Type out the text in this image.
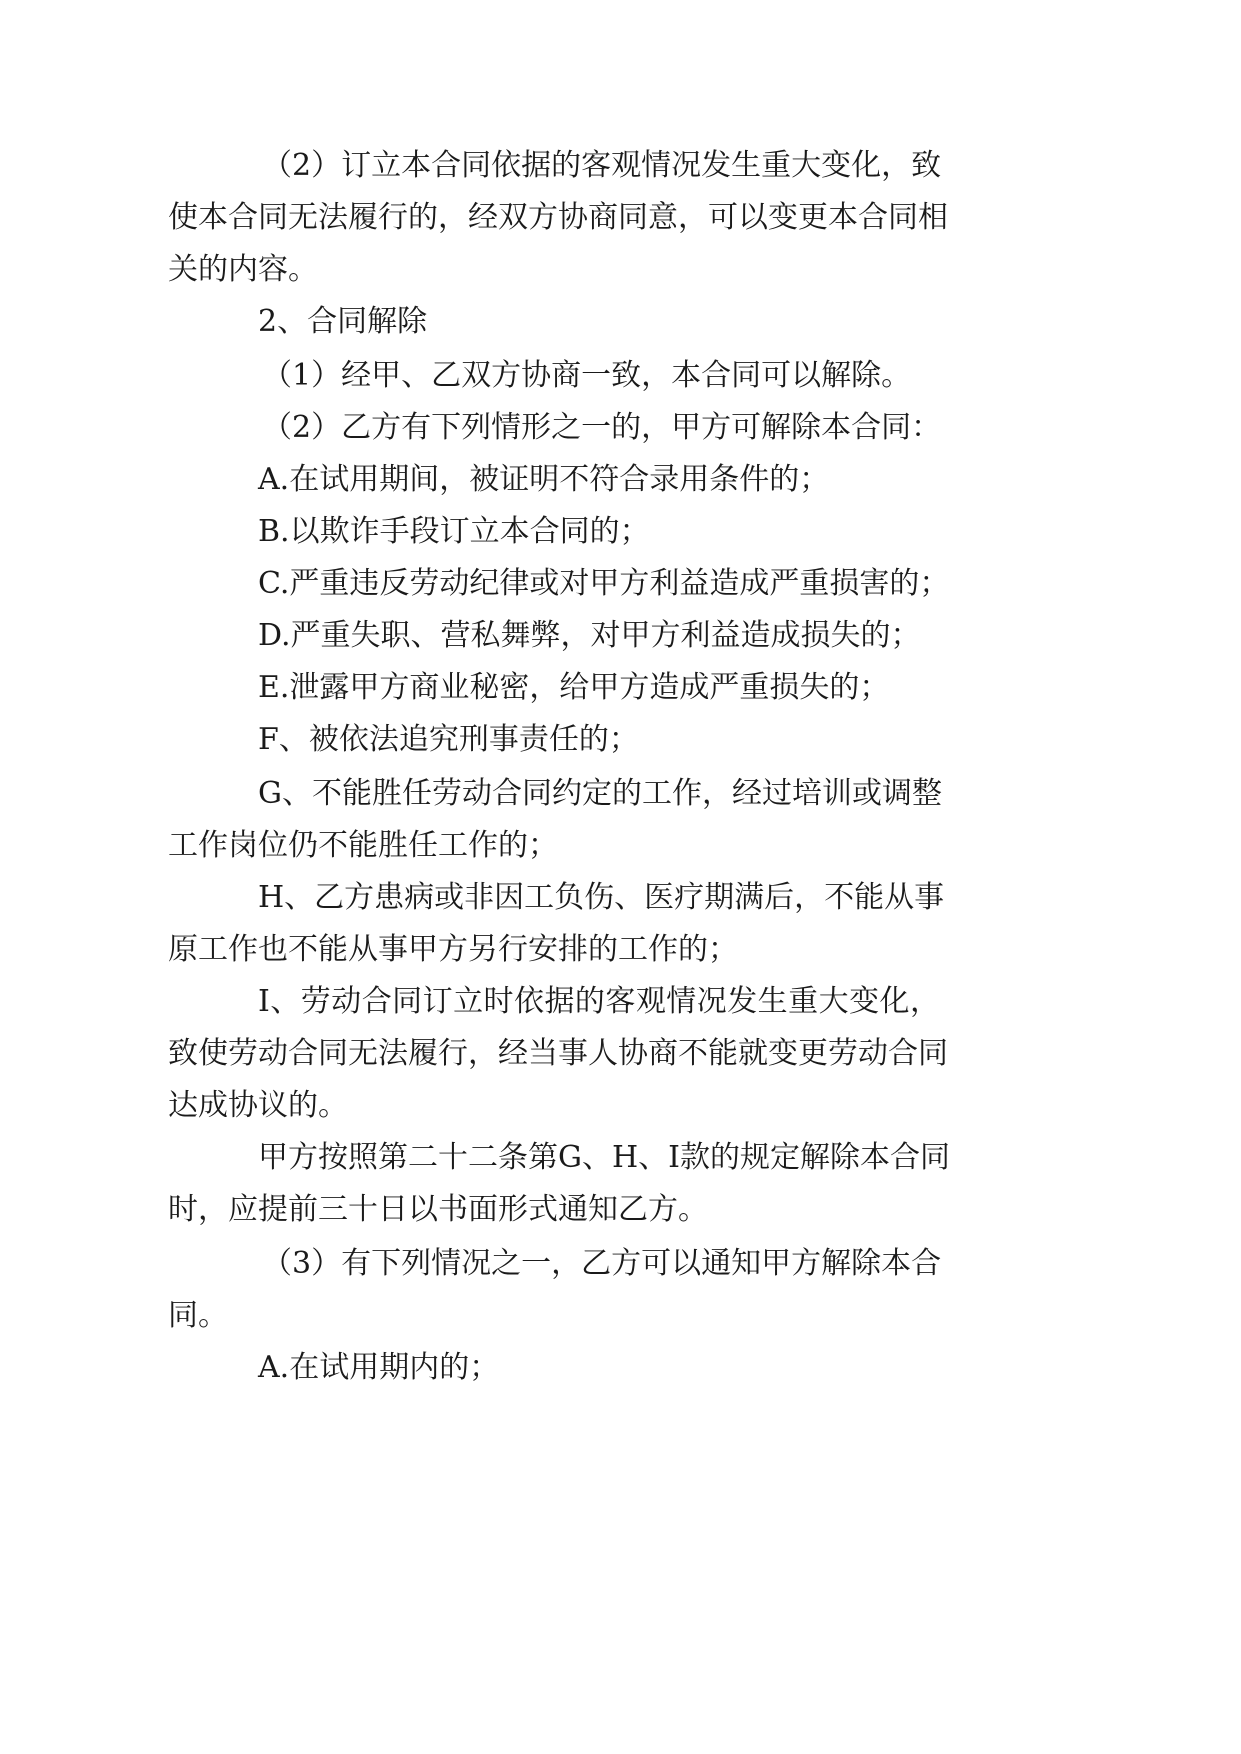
（2）订立本合同依据的客观情况发生重大变化，致

使本合同无法履行的，经双方协商同意，可以变更本合同相

关的内容。

2、合同解除

（1）经甲、乙双方协商一致，本合同可以解除。

（2）乙方有下列情形之一的，甲方可解除本合同：

A.在试用期间，被证明不符合录用条件的；

B.以欺诈手段订立本合同的；

C.严重违反劳动纪律或对甲方利益造成严重损害的；

D.严重失职、营私舞弊，对甲方利益造成损失的；

E.泄露甲方商业秘密，给甲方造成严重损失的；

F、被依法追究刑事责任的；

G、不能胜任劳动合同约定的工作，经过培训或调整

工作岗位仍不能胜任工作的；

H、乙方患病或非因工负伤、医疗期满后，不能从事

原工作也不能从事甲方另行安排的工作的；

I、劳动合同订立时依据的客观情况发生重大变化，

致使劳动合同无法履行，经当事人协商不能就变更劳动合同

达成协议的。

甲方按照第二十二条第G、H、I款的规定解除本合同

时，应提前三十日以书面形式通知乙方。

（3）有下列情况之一，乙方可以通知甲方解除本合

同。

A.在试用期内的；
